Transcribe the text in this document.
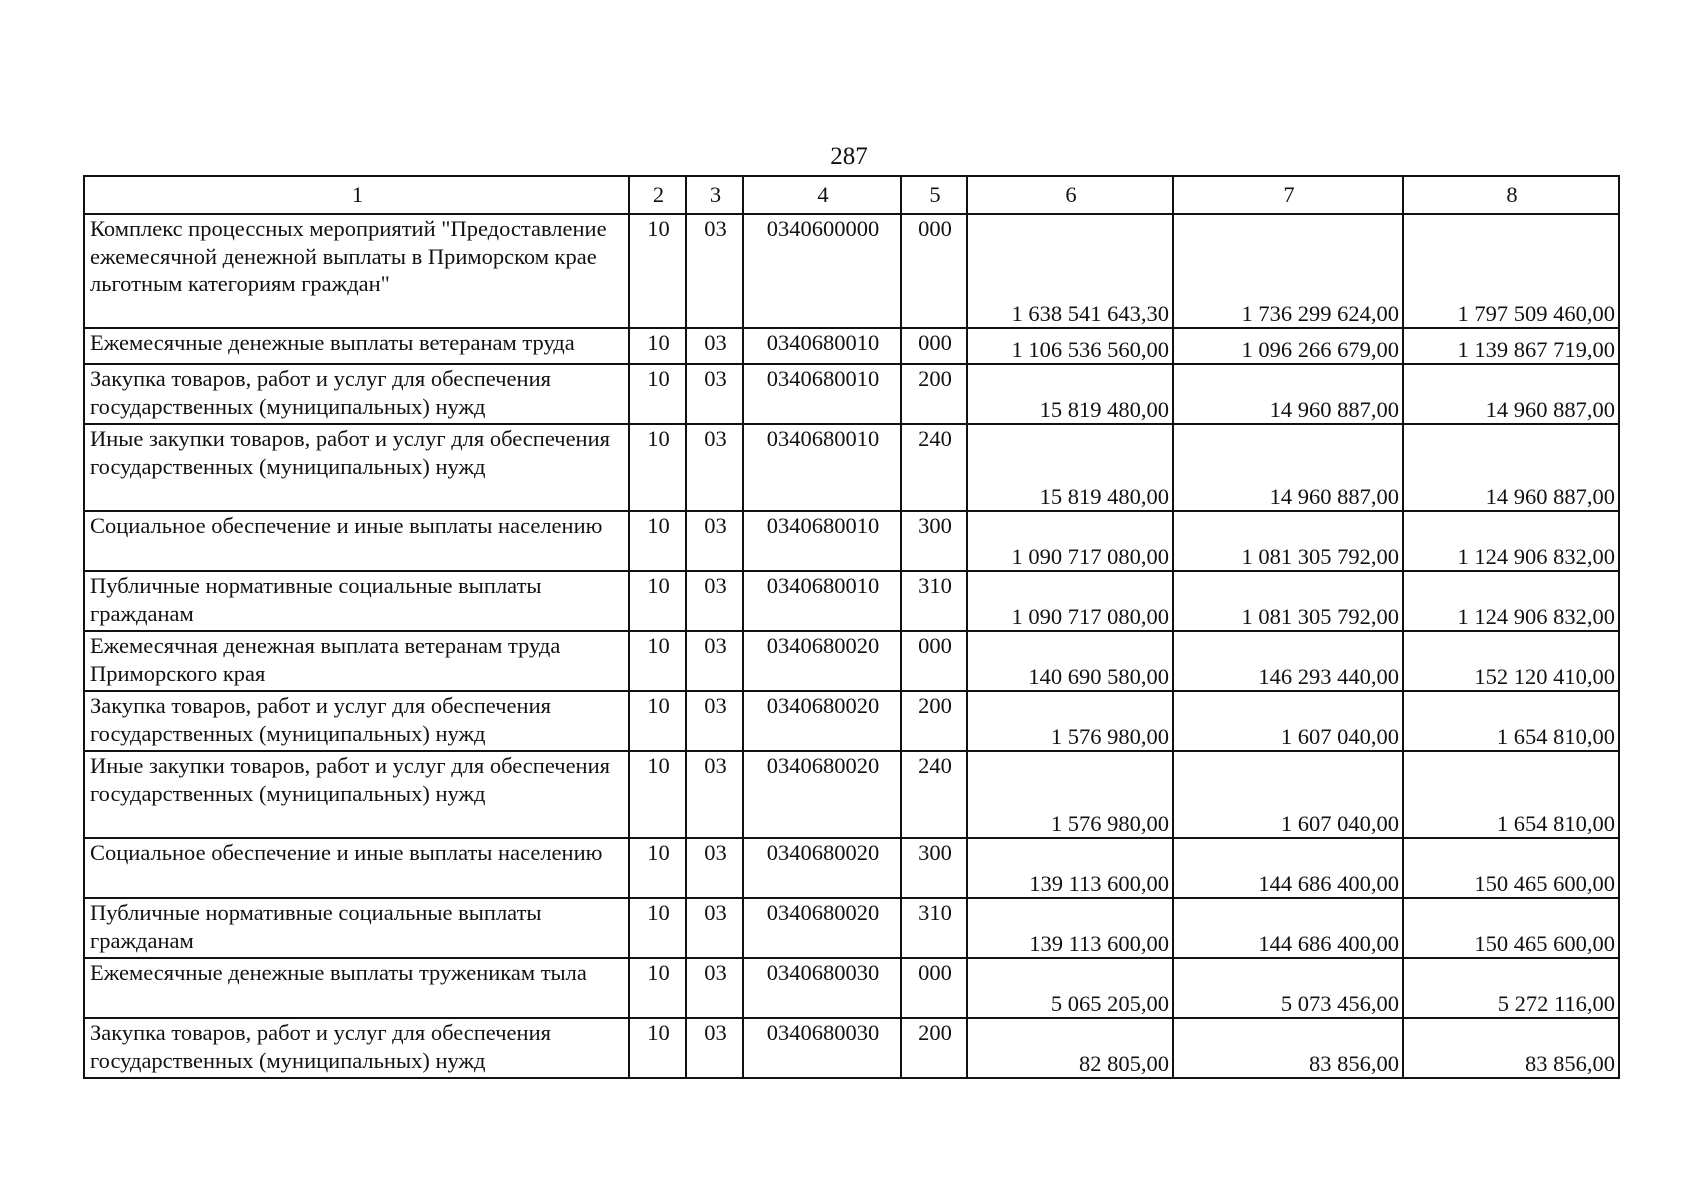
287
1	2	3	4	5	6	7	8
Комплекс процессных мероприятий "Предоставление ежемесячной денежной выплаты в Приморском крае льготным категориям граждан"	10	03	0340600000	000	1 638 541 643,30	1 736 299 624,00	1 797 509 460,00
Ежемесячные денежные выплаты ветеранам труда	10	03	0340680010	000	1 106 536 560,00	1 096 266 679,00	1 139 867 719,00
Закупка товаров, работ и услуг для обеспечения государственных (муниципальных) нужд	10	03	0340680010	200	15 819 480,00	14 960 887,00	14 960 887,00
Иные закупки товаров, работ и услуг для обеспечения государственных (муниципальных) нужд	10	03	0340680010	240	15 819 480,00	14 960 887,00	14 960 887,00
Социальное обеспечение и иные выплаты населению	10	03	0340680010	300	1 090 717 080,00	1 081 305 792,00	1 124 906 832,00
Публичные нормативные социальные выплаты гражданам	10	03	0340680010	310	1 090 717 080,00	1 081 305 792,00	1 124 906 832,00
Ежемесячная денежная выплата ветеранам труда Приморского края	10	03	0340680020	000	140 690 580,00	146 293 440,00	152 120 410,00
Закупка товаров, работ и услуг для обеспечения государственных (муниципальных) нужд	10	03	0340680020	200	1 576 980,00	1 607 040,00	1 654 810,00
Иные закупки товаров, работ и услуг для обеспечения государственных (муниципальных) нужд	10	03	0340680020	240	1 576 980,00	1 607 040,00	1 654 810,00
Социальное обеспечение и иные выплаты населению	10	03	0340680020	300	139 113 600,00	144 686 400,00	150 465 600,00
Публичные нормативные социальные выплаты гражданам	10	03	0340680020	310	139 113 600,00	144 686 400,00	150 465 600,00
Ежемесячные денежные выплаты труженикам тыла	10	03	0340680030	000	5 065 205,00	5 073 456,00	5 272 116,00
Закупка товаров, работ и услуг для обеспечения государственных (муниципальных) нужд	10	03	0340680030	200	82 805,00	83 856,00	83 856,00
